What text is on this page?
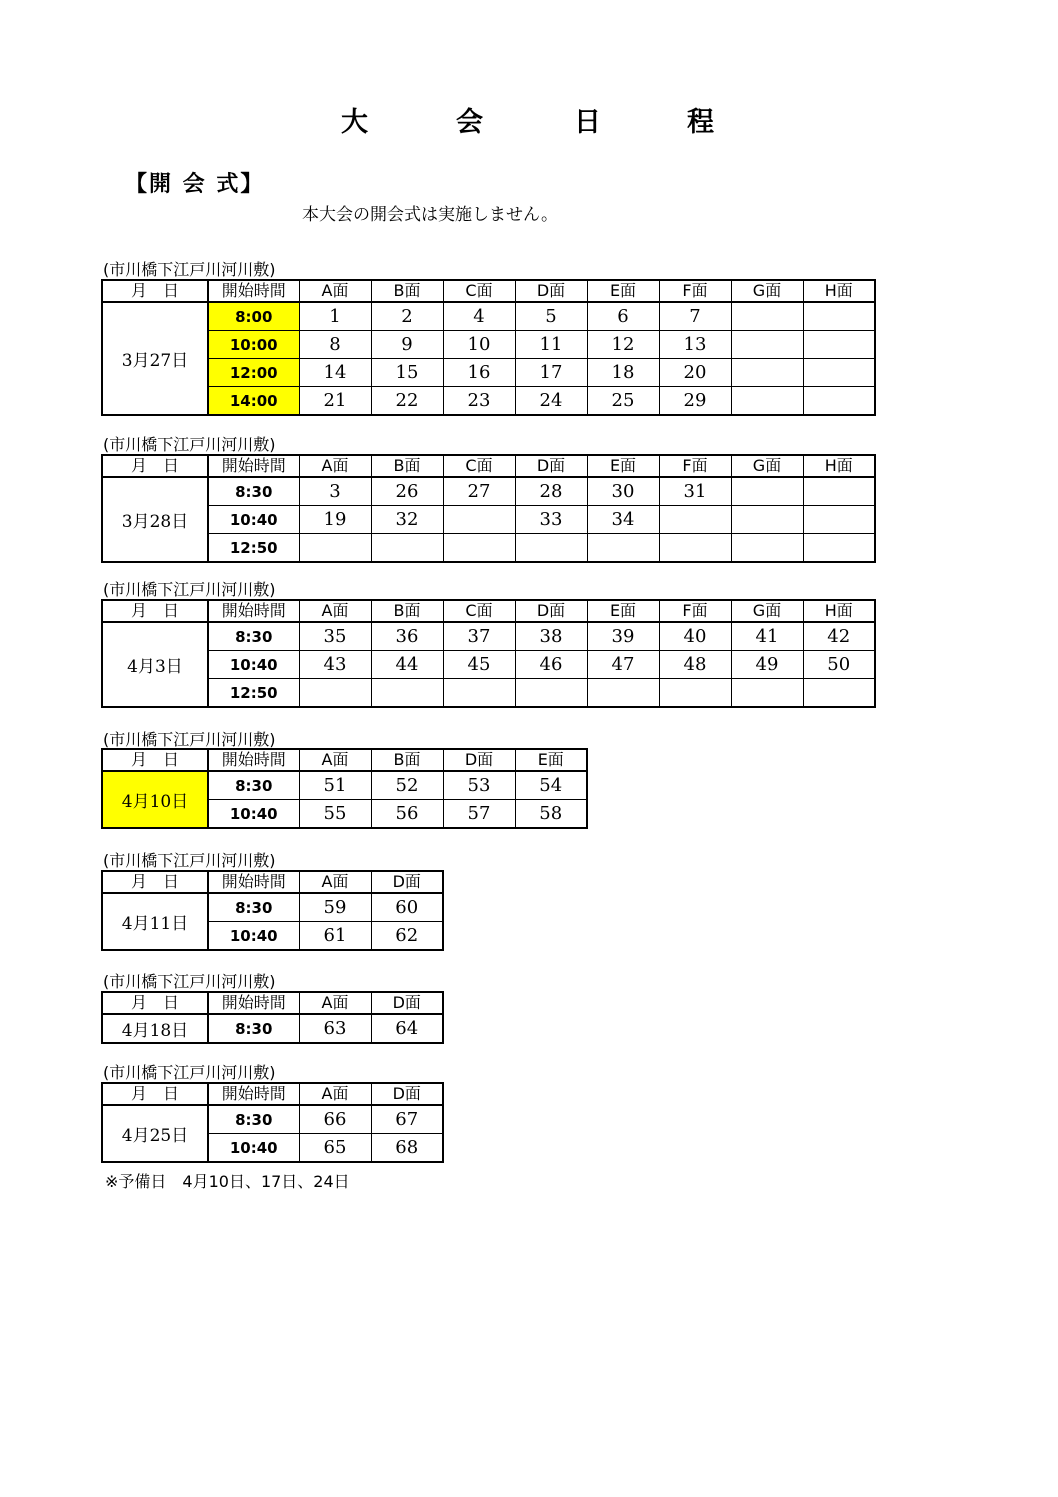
大	会	日	程
【開 会 式】
本大会の開会式は実施しません。
(市川橋下江戸川河川敷)
月　日	開始時間	A面	B面	C面	D面	E面	F面	G面	H面
3月27日	8:00	1	2	4	5	6	7		
	10:00	8	9	10	11	12	13		
	12:00	14	15	16	17	18	20		
	14:00	21	22	23	24	25	29		
(市川橋下江戸川河川敷)
月　日	開始時間	A面	B面	C面	D面	E面	F面	G面	H面
3月28日	8:30	3	26	27	28	30	31		
	10:40	19	32		33	34			
	12:50								
(市川橋下江戸川河川敷)
月　日	開始時間	A面	B面	C面	D面	E面	F面	G面	H面
4月3日	8:30	35	36	37	38	39	40	41	42
	10:40	43	44	45	46	47	48	49	50
	12:50								
(市川橋下江戸川河川敷)
月　日	開始時間	A面	B面	D面	E面
4月10日	8:30	51	52	53	54
	10:40	55	56	57	58
(市川橋下江戸川河川敷)
月　日	開始時間	A面	D面
4月11日	8:30	59	60
	10:40	61	62
(市川橋下江戸川河川敷)
月　日	開始時間	A面	D面
4月18日	8:30	63	64
(市川橋下江戸川河川敷)
月　日	開始時間	A面	D面
4月25日	8:30	66	67
	10:40	65	68
※予備日　4月10日、17日、24日
